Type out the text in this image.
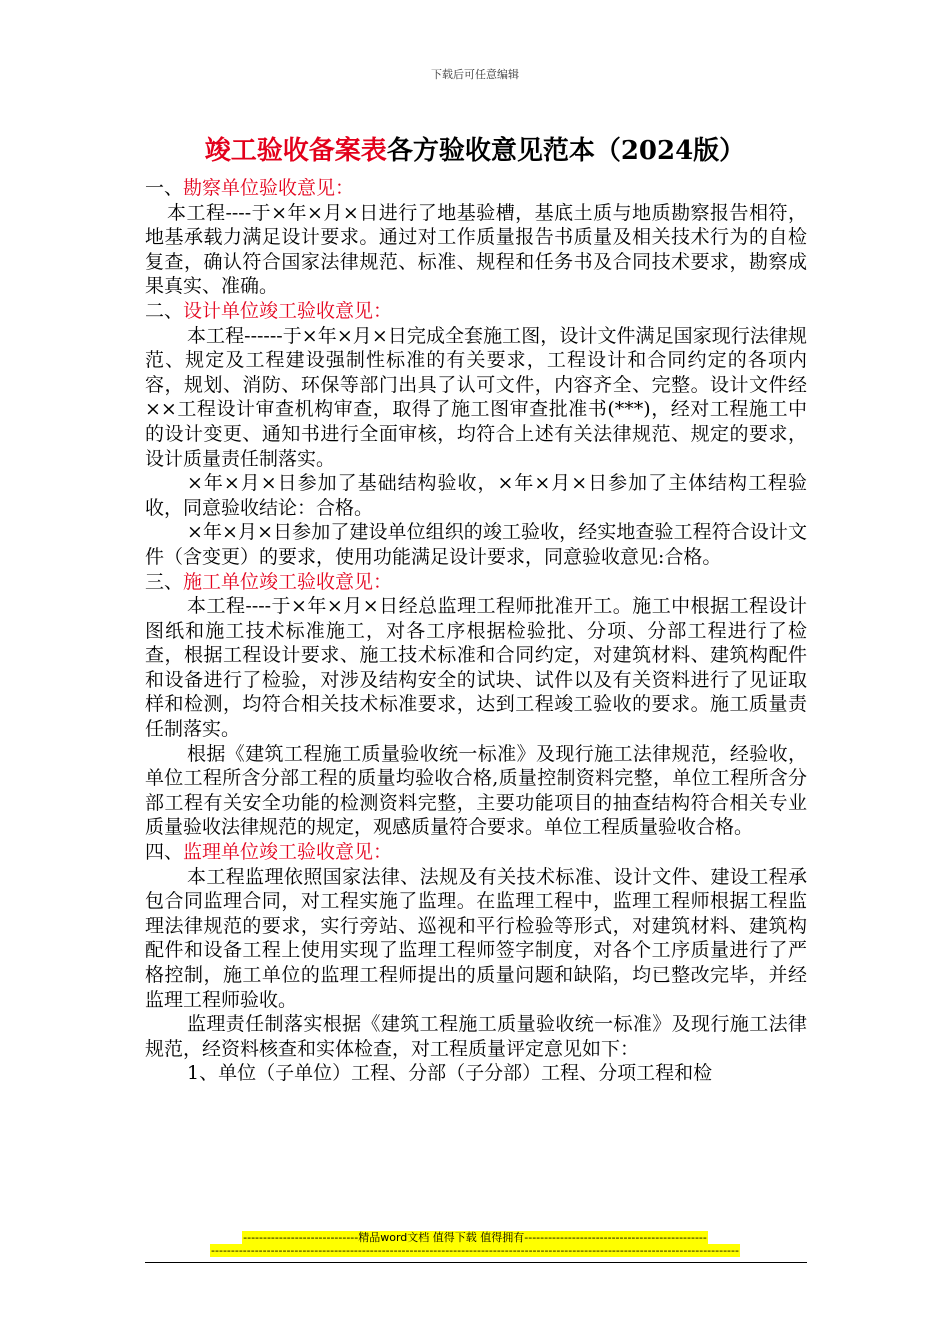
下载后可任意编辑
竣工验收备案表各方验收意见范本（2024版）

一、勘察单位验收意见：

本工程----于×年×月×日进行了地基验槽，基底土质与地质勘察报告相符，地基承载力满足设计要求。通过对工作质量报告书质量及相关技术行为的自检复查，确认符合国家法律规范、标准、规程和任务书及合同技术要求，勘察成果真实、准确。

二、设计单位竣工验收意见：

本工程------于×年×月×日完成全套施工图，设计文件满足国家现行法律规范、规定及工程建设强制性标准的有关要求，工程设计和合同约定的各项内容，规划、消防、环保等部门出具了认可文件，内容齐全、完整。设计文件经××工程设计审查机构审查，取得了施工图审查批准书(***)，经对工程施工中的设计变更、通知书进行全面审核，均符合上述有关法律规范、规定的要求，设计质量责任制落实。

×年×月×日参加了基础结构验收，×年×月×日参加了主体结构工程验收，同意验收结论：合格。

×年×月×日参加了建设单位组织的竣工验收，经实地查验工程符合设计文件（含变更）的要求，使用功能满足设计要求，同意验收意见:合格。

三、施工单位竣工验收意见：

本工程----于×年×月×日经总监理工程师批准开工。施工中根据工程设计图纸和施工技术标准施工，对各工序根据检验批、分项、分部工程进行了检查，根据工程设计要求、施工技术标准和合同约定，对建筑材料、建筑构配件和设备进行了检验，对涉及结构安全的试块、试件以及有关资料进行了见证取样和检测，均符合相关技术标准要求，达到工程竣工验收的要求。施工质量责任制落实。

根据《建筑工程施工质量验收统一标准》及现行施工法律规范，经验收，单位工程所含分部工程的质量均验收合格,质量控制资料完整，单位工程所含分部工程有关安全功能的检测资料完整，主要功能项目的抽查结构符合相关专业质量验收法律规范的规定，观感质量符合要求。单位工程质量验收合格。

四、监理单位竣工验收意见：

本工程监理依照国家法律、法规及有关技术标准、设计文件、建设工程承包合同监理合同，对工程实施了监理。在监理工程中，监理工程师根据工程监理法律规范的要求，实行旁站、巡视和平行检验等形式，对建筑材料、建筑构配件和设备工程上使用实现了监理工程师签字制度，对各个工序质量进行了严格控制，施工单位的监理工程师提出的质量问题和缺陷，均已整改完毕，并经监理工程师验收。

监理责任制落实根据《建筑工程施工质量验收统一标准》及现行施工法律规范，经资料核查和实体检查，对工程质量评定意见如下：

1、单位（子单位）工程、分部（子分部）工程、分项工程和检

-----------------------------精品word文档 值得下载 值得拥有----------------------------------------------
-------------------------------------------------------------------------------------------------------------------------------------
